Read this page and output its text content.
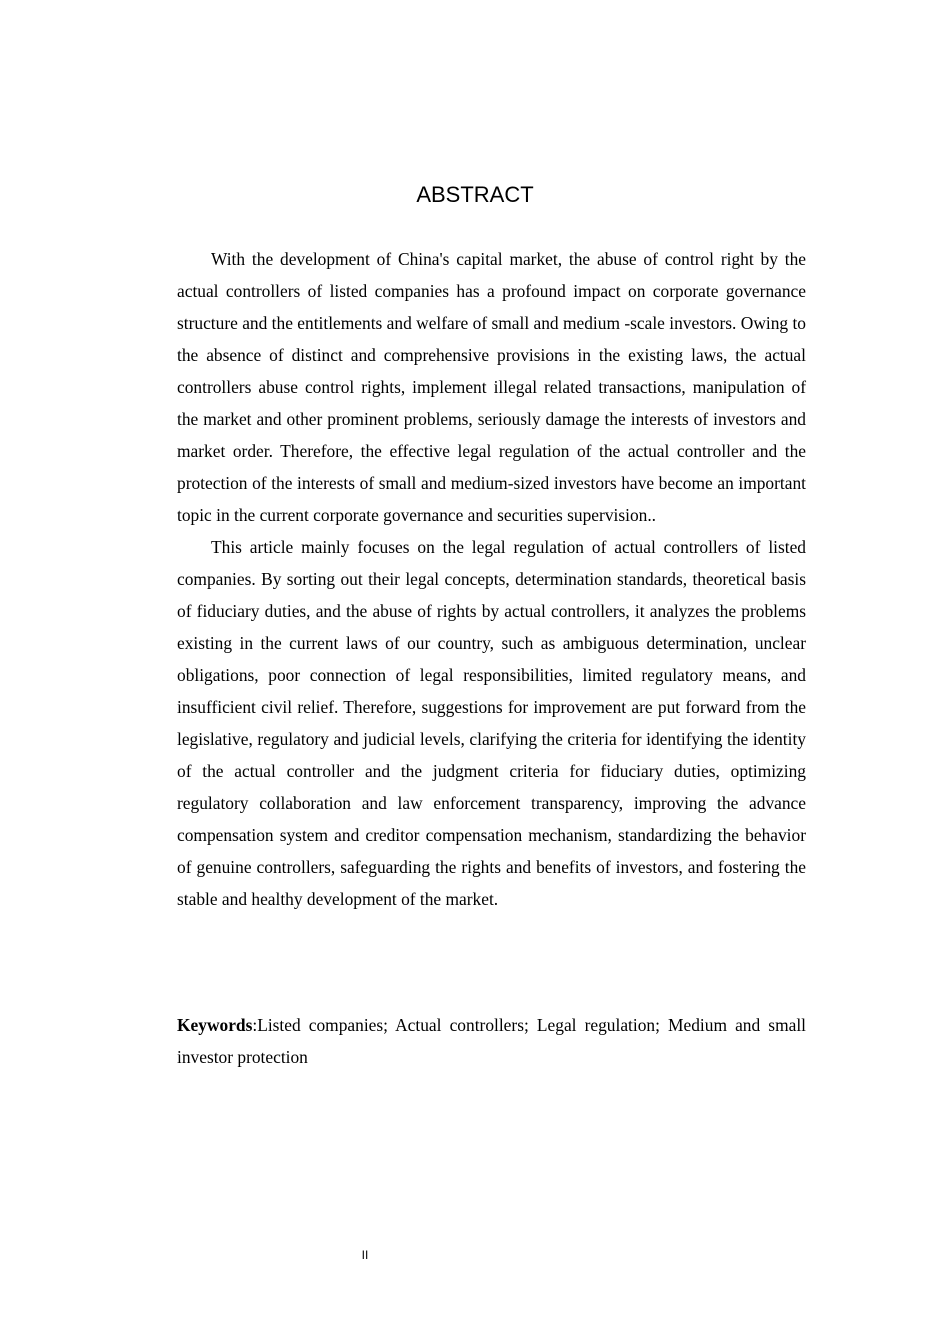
ABSTRACT

With the development of China's capital market, the abuse of control right by the actual controllers of listed companies has a profound impact on corporate governance structure and the entitlements and welfare of small and medium -scale investors. Owing to the absence of distinct and comprehensive provisions in the existing laws, the actual controllers abuse control rights, implement illegal related transactions, manipulation of the market and other prominent problems, seriously damage the interests of investors and market order. Therefore, the effective legal regulation of the actual controller and the protection of the interests of small and medium-sized investors have become an important topic in the current corporate governance and securities supervision..

This article mainly focuses on the legal regulation of actual controllers of listed companies. By sorting out their legal concepts, determination standards, theoretical basis of fiduciary duties, and the abuse of rights by actual controllers, it analyzes the problems existing in the current laws of our country, such as ambiguous determination, unclear obligations, poor connection of legal responsibilities, limited regulatory means, and insufficient civil relief. Therefore, suggestions for improvement are put forward from the legislative, regulatory and judicial levels, clarifying the criteria for identifying the identity of the actual controller and the judgment criteria for fiduciary duties, optimizing regulatory collaboration and law enforcement transparency, improving the advance compensation system and creditor compensation mechanism, standardizing the behavior of genuine controllers, safeguarding the rights and benefits of investors, and fostering the stable and healthy development of the market.

Keywords:Listed companies; Actual controllers; Legal regulation; Medium and small investor protection

II
